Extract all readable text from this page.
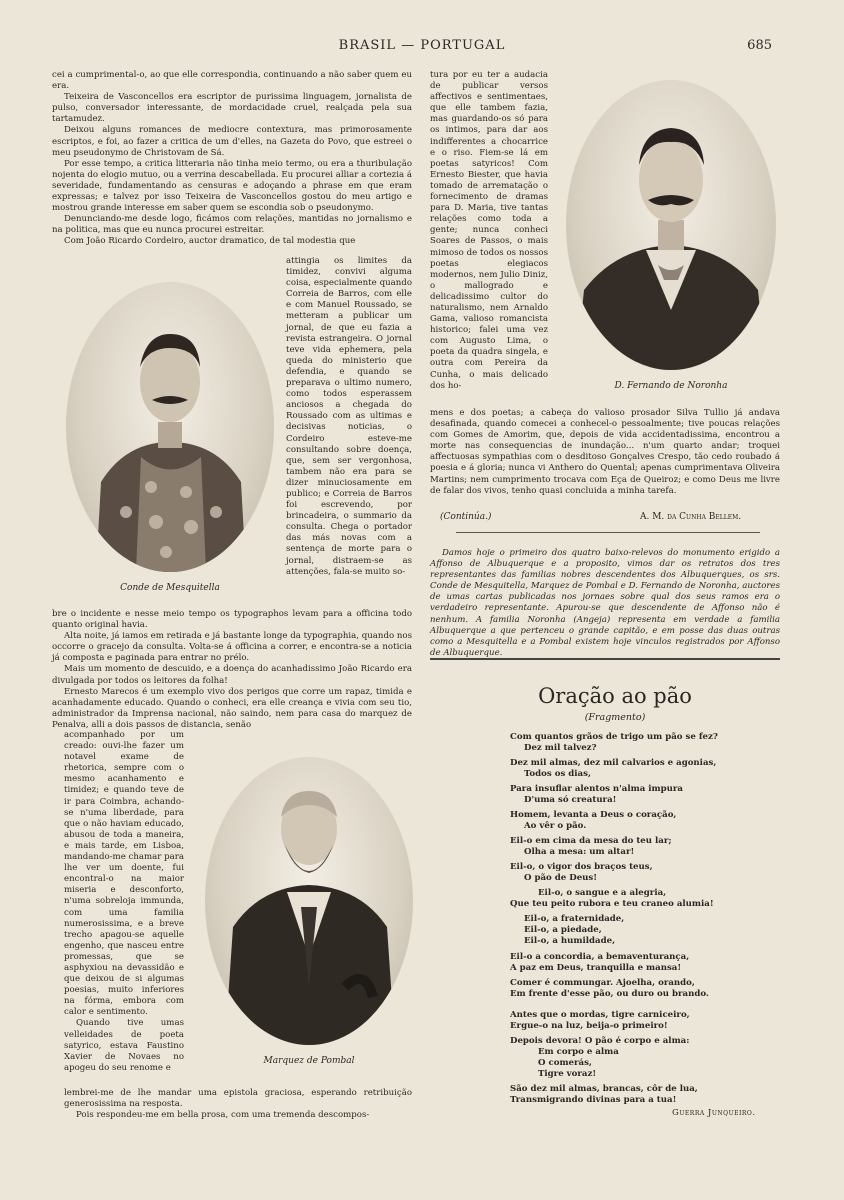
BRASIL — PORTUGAL	685

cei a cumprimental-o, ao que elle correspondia, continuando a não saber quem eu era.

Teixeira de Vasconcellos era escriptor de purissima linguagem, jornalista de pulso, conversador interessante, de mordacidade cruel, realçada pela sua tartamudez.

Deixou alguns romances de mediocre contextura, mas primorosamente escriptos, e foi, ao fazer a critica de um d'elles, na Gazeta do Povo, que estreei o meu pseudonymo de Christovam de Sá.

Por esse tempo, a critica litteraria não tinha meio termo, ou era a thuribulação nojenta do elogio mutuo, ou a verrina descabellada. Eu procurei alliar a cortezia á severidade, fundamentando as censuras e adoçando a phrase em que eram expressas; e talvez por isso Teixeira de Vasconcellos gostou do meu artigo e mostrou grande interesse em saber quem se escondia sob o pseudonymo.

Denunciando-me desde logo, ficámos com relações, mantidas no jornalismo e na politica, mas que eu nunca procurei estreitar.

Com João Ricardo Cordeiro, auctor dramatico, de tal modestia que

Conde de Mesquitella

attingia os limites da timidez, convivi alguma coisa, especialmente quando Correia de Barros, com elle e com Manuel Roussado, se metteram a publicar um jornal, de que eu fazia a revista estrangeira. O jornal teve vida ephemera, pela queda do ministerio que defendia, e quando se preparava o ultimo numero, como todos esperassem anciosos a chegada do Roussado com as ultimas e decisivas noticias, o Cordeiro esteve-me consultando sobre doença, que, sem ser vergonhosa, tambem não era para se dizer minuciosamente em publico; e Correia de Barros foi escrevendo, por brincadeira, o summario da consulta. Chega o portador das más novas com a sentença de morte para o jornal, distraem-se as attenções, fala-se muito so-

bre o incidente e nesse meio tempo os typographos levam para a officina todo quanto original havia.

Alta noite, já iamos em retirada e já bastante longe da typographia, quando nos occorre o gracejo da consulta. Volta-se á officina a correr, e encontra-se a noticia já composta e paginada para entrar no prélo.

Mais um momento de descuido, e a doença do acanhadissimo João Ricardo era divulgada por todos os leitores da folha!

Ernesto Marecos é um exemplo vivo dos perigos que corre um rapaz, timida e acanhadamente educado. Quando o conheci, era elle creança e vivia com seu tio, administrador da Imprensa nacional, não saindo, nem para casa do marquez de Penalva, alli a dois passos de distancia, senão

acompanhado por um creado: ouvi-lhe fazer um notavel exame de rhetorica, sempre com o mesmo acanhamento e timidez; e quando teve de ir para Coimbra, achando-se n'uma liberdade, para que o não haviam educado, abusou de toda a maneira, e mais tarde, em Lisboa, mandando-me chamar para lhe ver um doente, fui encontral-o na maior miseria e desconforto, n'uma sobreloja immunda, com uma familia numerosissima, e a breve trecho apagou-se aquelle engenho, que nasceu entre promessas, que se asphyxiou na devassidão e que deixou de si algumas poesias, muito inferiores na fórma, embora com calor e sentimento.

Quando tive umas velleidades de poeta satyrico, estava Faustino Xavier de Novaes no apogeu do seu renome e

Marquez de Pombal

lembrei-me de lhe mandar uma epistola graciosa, esperando retribuição generosissima na resposta.

Pois respondeu-me em bella prosa, com uma tremenda descompos-

tura por eu ter a audacia de publicar versos affectivos e sentimentaes, que elle tambem fazia, mas guardando-os só para os intimos, para dar aos indifferentes a chocarrice e o riso. Fiem-se lá em poetas satyricos! Com Ernesto Biester, que havia tomado de arrematação o fornecimento de dramas para D. Maria, tive tantas relações como toda a gente; nunca conheci Soares de Passos, o mais mimoso de todos os nossos poetas elegiacos modernos, nem Julio Diniz, o mallogrado e delicadissimo cultor do naturalismo, nem Arnaldo Gama, valioso romancista historico; falei uma vez com Augusto Lima, o poeta da quadra singela, e outra com Pereira da Cunha, o mais delicado dos ho-	D. Fernando de Noronha

mens e dos poetas; a cabeça do valioso prosador Silva Tullio já andava desafinada, quando comecei a conhecel-o pessoalmente; tive poucas relações com Gomes de Amorim, que, depois de vida accidentadissima, encontrou a morte nas consequencias de inundação... n'um quarto andar; troquei affectuosas sympathias com o desditoso Gonçalves Crespo, tão cedo roubado á poesia e á gloria; nunca vi Anthero do Quental; apenas cumprimentava Oliveira Martins; nem cumprimento trocava com Eça de Queiroz; e como Deus me livre de falar dos vivos, tenho quasi concluida a minha tarefa.

(Continúa.)	A. M. da Cunha Bellem.

Damos hoje o primeiro dos quatro baixo-relevos do monumento erigido a Affonso de Albuquerque e a proposito, vimos dar os retratos dos tres representantes das familias nobres descendentes dos Albuquerques, os srs. Conde de Mesquitella, Marquez de Pombal e D. Fernando de Noronha, auctores de umas cartas publicadas nos jornaes sobre qual dos seus ramos era o verdadeiro representante. Apurou-se que descendente de Affonso não é nenhum. A familia Noronha (Angeja) representa em verdade a familia Albuquerque a que pertenceu o grande capitão, e em posse das duas outras como a Mesquitella e a Pombal existem hoje vinculos registrados por Affonso de Albuquerque.

Oração ao pão
(Fragmento)
Com quantos grãos de trigo um pão se fez?
Dez mil talvez?
Dez mil almas, dez mil calvarios e agonias,
Todos os dias,
Para insuflar alentos n'alma impura
D'uma só creatura!
Homem, levanta a Deus o coração,
Ao vêr o pão.
Eil-o em cima da mesa do teu lar;
Olha a mesa: um altar!
Eil-o, o vigor dos braços teus,
O pão de Deus!
Eil-o, o sangue e a alegria,
Que teu peito rubora e teu craneo alumia!
Eil-o, a fraternidade,
Eil-o, a piedade,
Eil-o, a humildade,
Eil-o a concordia, a bemaventurança,
A paz em Deus, tranquilla e mansa!
Comer é commungar. Ajoelha, orando,
Em frente d'esse pão, ou duro ou brando.
Antes que o mordas, tigre carniceiro,
Ergue-o na luz, beija-o primeiro!
Depois devora! O pão é corpo e alma:
Em corpo e alma
O comerás,
Tigre voraz!
São dez mil almas, brancas, côr de lua,
Transmigrando divinas para a tua!
Guerra Junqueiro.
